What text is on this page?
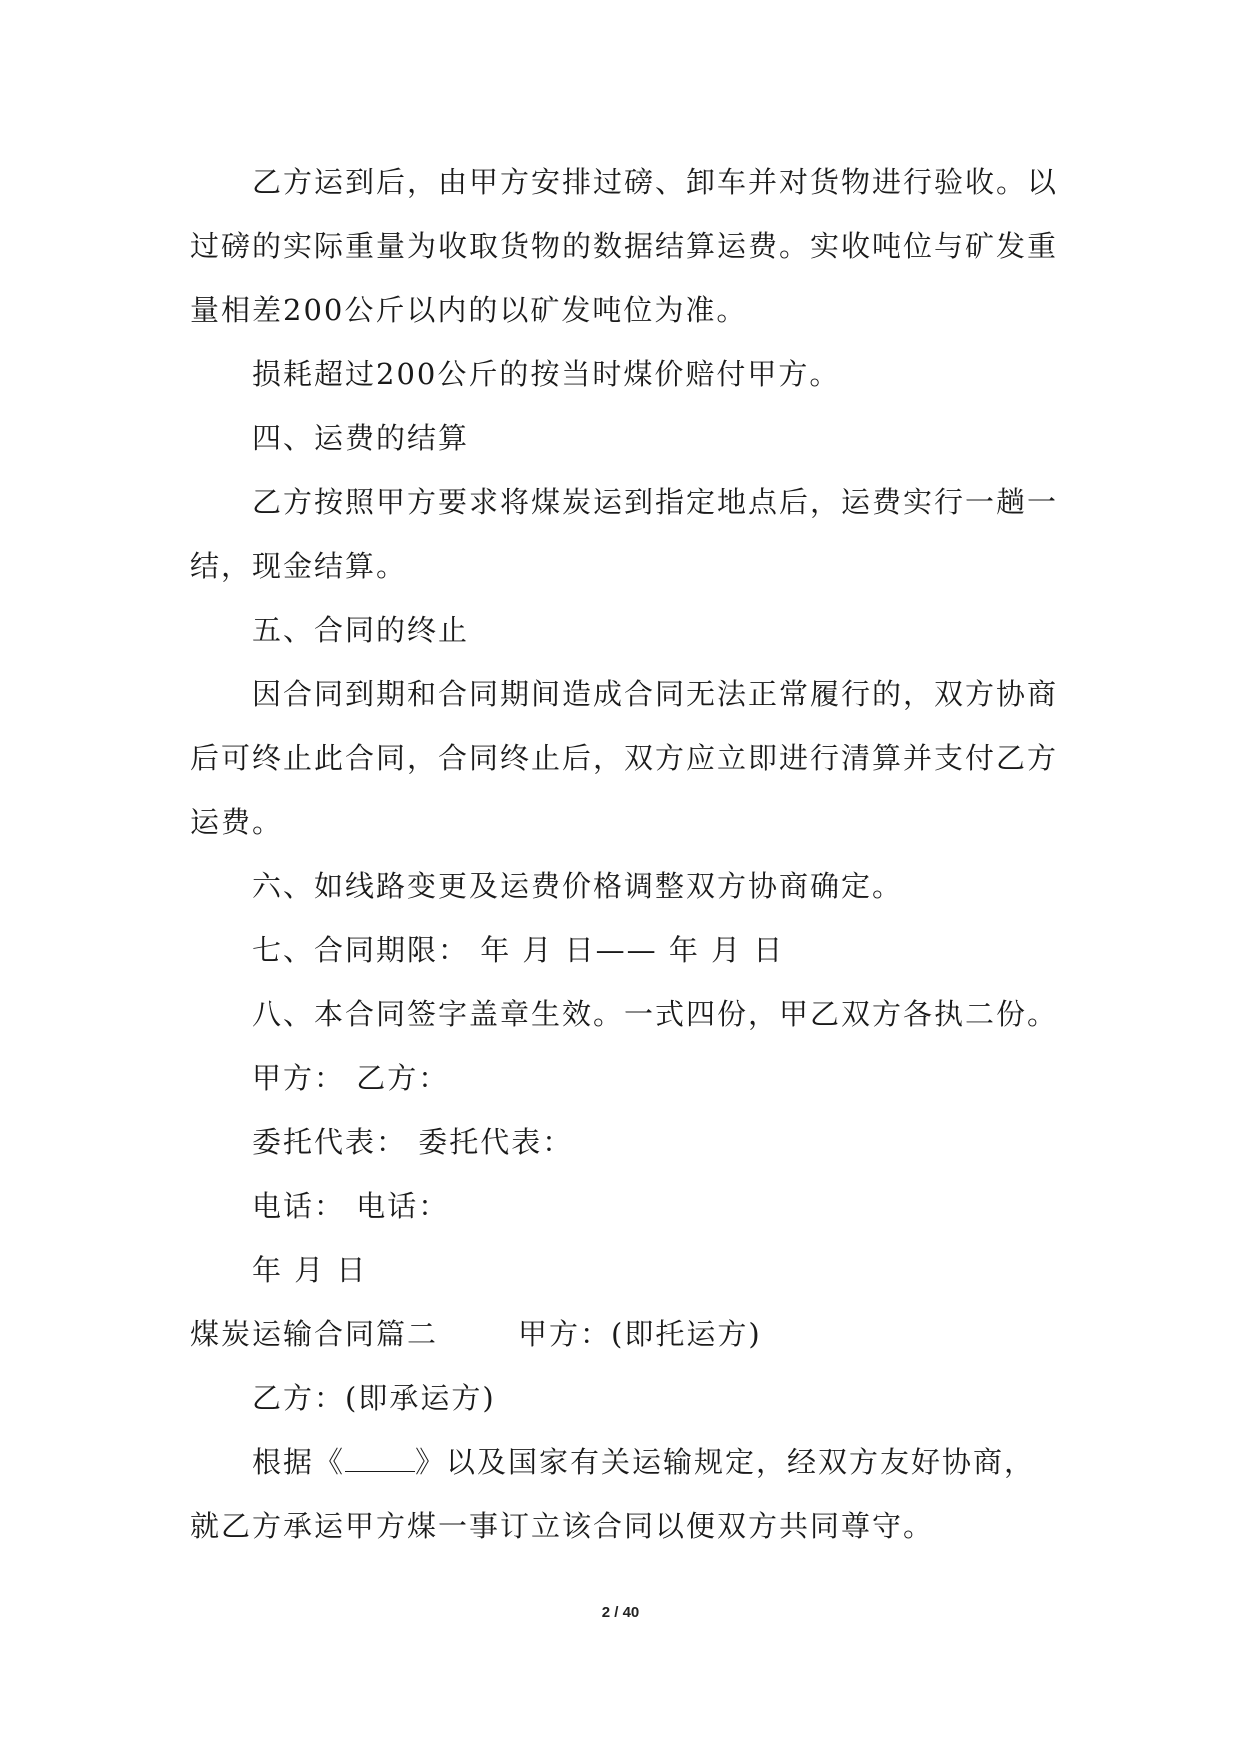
乙方运到后，由甲方安排过磅、卸车并对货物进行验收。以
过磅的实际重量为收取货物的数据结算运费。实收吨位与矿发重
量相差200公斤以内的以矿发吨位为准。
损耗超过200公斤的按当时煤价赔付甲方。
四、运费的结算
乙方按照甲方要求将煤炭运到指定地点后，运费实行一趟一
结，现金结算。
五、合同的终止
因合同到期和合同期间造成合同无法正常履行的，双方协商
后可终止此合同，合同终止后，双方应立即进行清算并支付乙方
运费。
六、如线路变更及运费价格调整双方协商确定。
七、合同期限： 年 月 日—— 年 月 日
八、本合同签字盖章生效。一式四份，甲乙双方各执二份。
甲方： 乙方：
委托代表： 委托代表：
电话： 电话：
年 月 日
煤炭运输合同篇二	甲方：(即托运方)
乙方：(即承运方)
根据《 》以及国家有关运输规定，经双方友好协商，
就乙方承运甲方煤一事订立该合同以便双方共同尊守。
2 / 40
